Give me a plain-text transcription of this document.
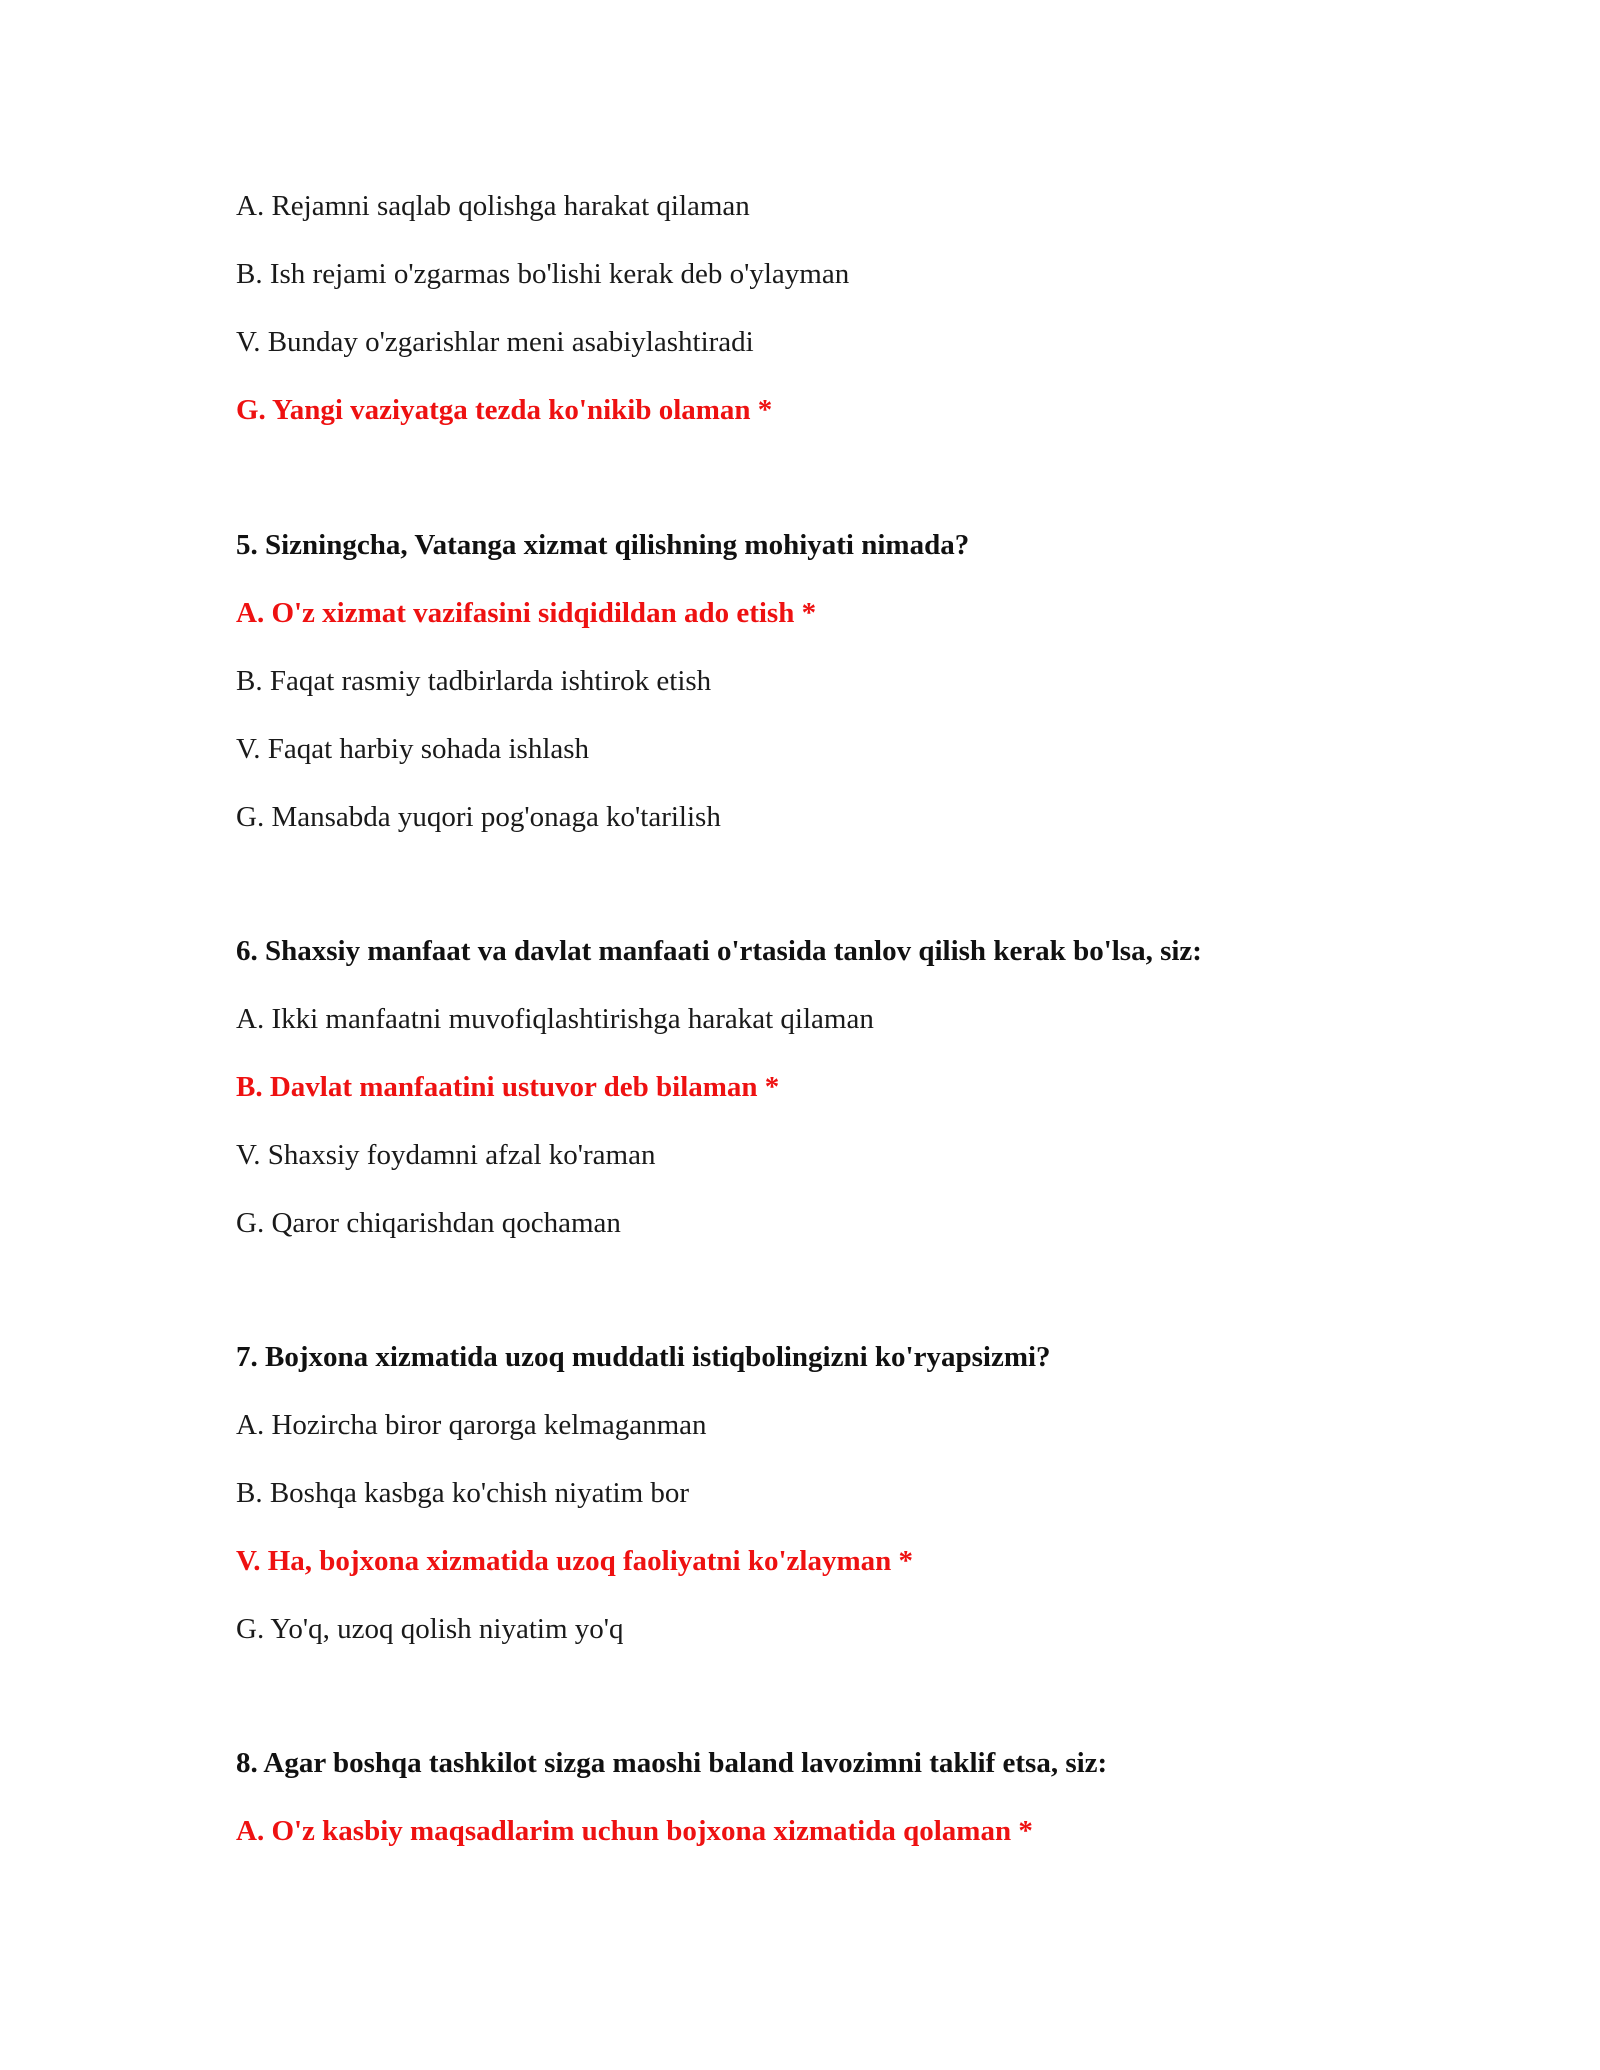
A. Rejamni saqlab qolishga harakat qilaman
B. Ish rejami o'zgarmas bo'lishi kerak deb o'ylayman
V. Bunday o'zgarishlar meni asabiylashtiradi
G. Yangi vaziyatga tezda ko'nikib olaman *
5. Sizningcha, Vatanga xizmat qilishning mohiyati nimada?
A. O'z xizmat vazifasini sidqidildan ado etish *
B. Faqat rasmiy tadbirlarda ishtirok etish
V. Faqat harbiy sohada ishlash
G. Mansabda yuqori pog'onaga ko'tarilish
6. Shaxsiy manfaat va davlat manfaati o'rtasida tanlov qilish kerak bo'lsa, siz:
A. Ikki manfaatni muvofiqlashtirishga harakat qilaman
B. Davlat manfaatini ustuvor deb bilaman *
V. Shaxsiy foydamni afzal ko'raman
G. Qaror chiqarishdan qochaman
7. Bojxona xizmatida uzoq muddatli istiqbolingizni ko'ryapsizmi?
A. Hozircha biror qarorga kelmaganman
B. Boshqa kasbga ko'chish niyatim bor
V. Ha, bojxona xizmatida uzoq faoliyatni ko'zlayman *
G. Yo'q, uzoq qolish niyatim yo'q
8. Agar boshqa tashkilot sizga maoshi baland lavozimni taklif etsa, siz:
A. O'z kasbiy maqsadlarim uchun bojxona xizmatida qolaman *
